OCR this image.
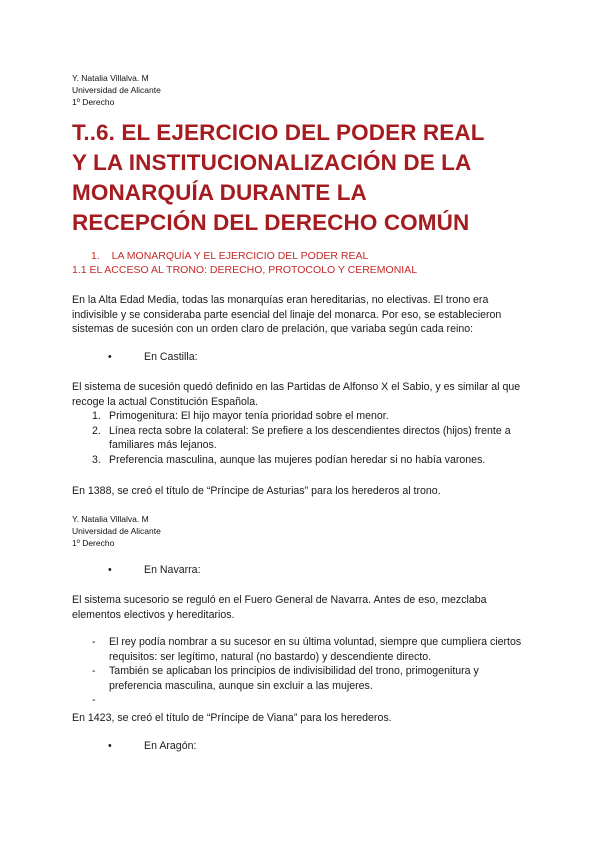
Y. Natalia Villalva. M
Universidad de Alicante
1º Derecho
T..6. EL EJERCICIO DEL PODER REAL
Y LA INSTITUCIONALIZACIÓN DE LA
MONARQUÍA DURANTE LA
RECEPCIÓN DEL DERECHO COMÚN
1. LA MONARQUÍA Y EL EJERCICIO DEL PODER REAL
1.1 EL ACCESO AL TRONO: DERECHO, PROTOCOLO Y CEREMONIAL
En la Alta Edad Media, todas las monarquías eran hereditarias, no electivas. El trono era indivisible y se consideraba parte esencial del linaje del monarca. Por eso, se establecieron sistemas de sucesión con un orden claro de prelación, que variaba según cada reino:
•	En Castilla:
El sistema de sucesión quedó definido en las Partidas de Alfonso X el Sabio, y es similar al que recoge la actual Constitución Española.
1. Primogenitura: El hijo mayor tenía prioridad sobre el menor.
2. Línea recta sobre la colateral: Se prefiere a los descendientes directos (hijos) frente a familiares más lejanos.
3. Preferencia masculina, aunque las mujeres podían heredar si no había varones.
En 1388, se creó el título de “Príncipe de Asturias” para los herederos al trono.
Y. Natalia Villalva. M
Universidad de Alicante
1º Derecho
•	En Navarra:
El sistema sucesorio se reguló en el Fuero General de Navarra. Antes de eso, mezclaba elementos electivos y hereditarios.
- El rey podía nombrar a su sucesor en su última voluntad, siempre que cumpliera ciertos requisitos: ser legítimo, natural (no bastardo) y descendiente directo.
- También se aplicaban los principios de indivisibilidad del trono, primogenitura y preferencia masculina, aunque sin excluir a las mujeres.
-
En 1423, se creó el título de “Príncipe de Viana” para los herederos.
•	En Aragón:
